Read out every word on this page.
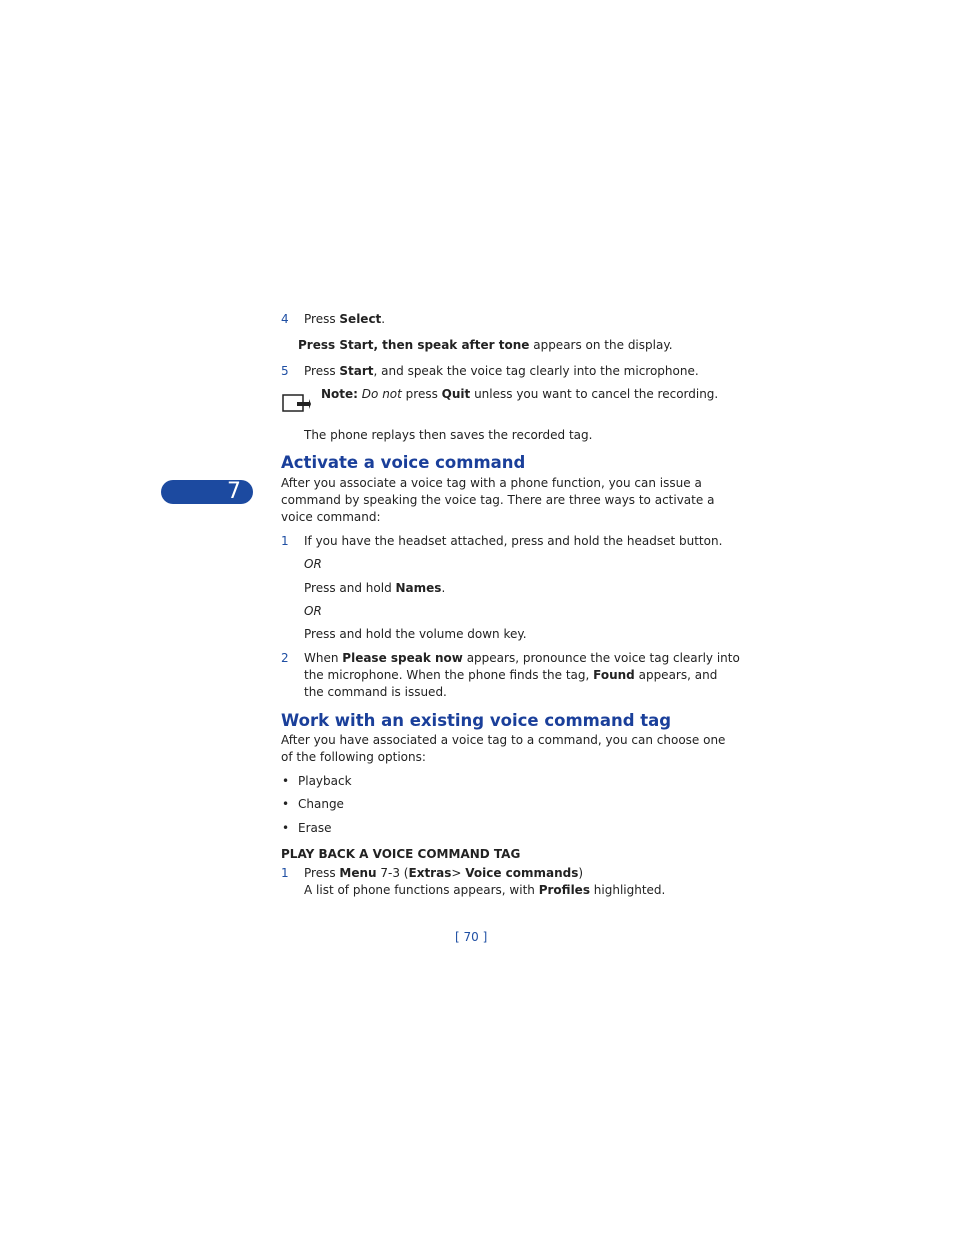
7
4 Press Select.
Press Start, then speak after tone appears on the display.
5 Press Start, and speak the voice tag clearly into the microphone.
Note: Do not press Quit unless you want to cancel the recording.
The phone replays then saves the recorded tag.
Activate a voice command
After you associate a voice tag with a phone function, you can issue a
command by speaking the voice tag. There are three ways to activate a
voice command:
1 If you have the headset attached, press and hold the headset button.
OR
Press and hold Names.
OR
Press and hold the volume down key.
2 When Please speak now appears, pronounce the voice tag clearly into
the microphone. When the phone finds the tag, Found appears, and
the command is issued.
Work with an existing voice command tag
After you have associated a voice tag to a command, you can choose one
of the following options:
• Playback
• Change
• Erase
PLAY BACK A VOICE COMMAND TAG
1 Press Menu 7-3 (Extras> Voice commands)
A list of phone functions appears, with Profiles highlighted.
[ 70 ]
